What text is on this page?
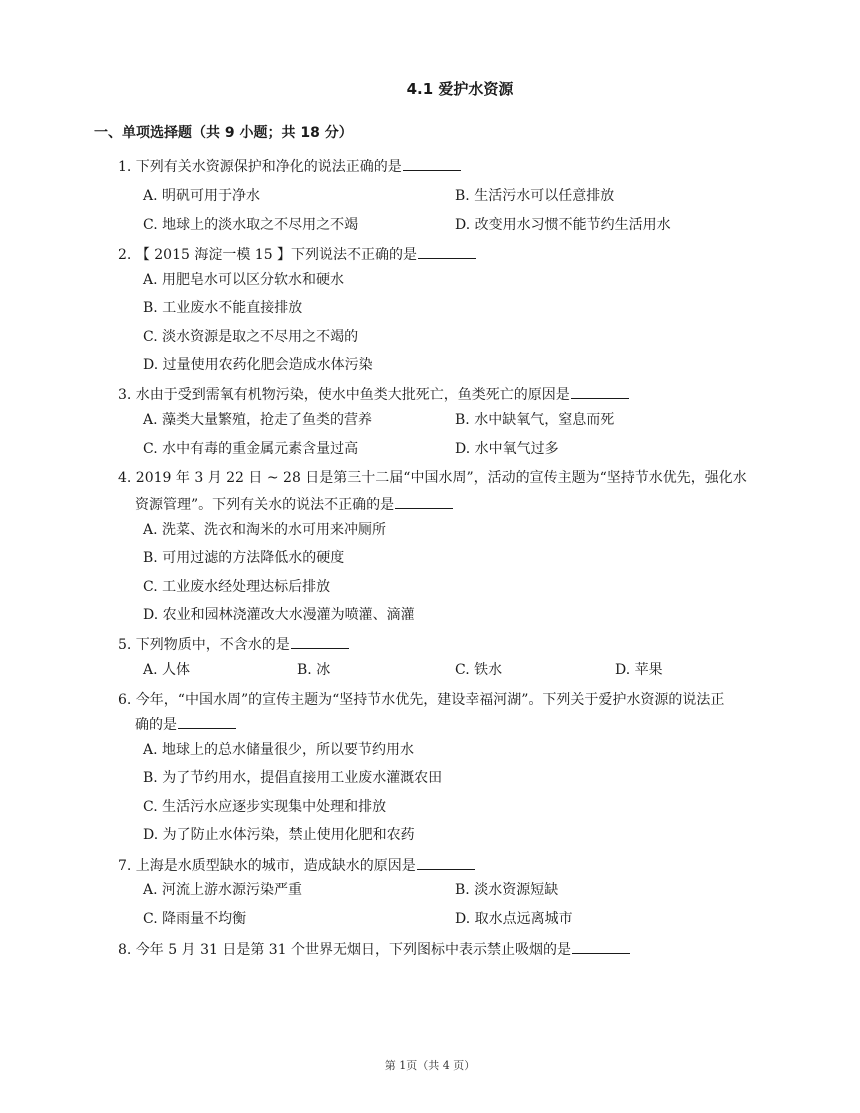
4.1 爱护水资源
一、单项选择题（共 9 小题；共 18 分）
1. 下列有关水资源保护和净化的说法正确的是
A. 明矾可用于净水	B. 生活污水可以任意排放
C. 地球上的淡水取之不尽用之不竭	D. 改变用水习惯不能节约生活用水
2. 【 2015 海淀一模 15 】下列说法不正确的是
A. 用肥皂水可以区分软水和硬水
B. 工业废水不能直接排放
C. 淡水资源是取之不尽用之不竭的
D. 过量使用农药化肥会造成水体污染
3. 水由于受到需氧有机物污染，使水中鱼类大批死亡，鱼类死亡的原因是
A. 藻类大量繁殖，抢走了鱼类的营养	B. 水中缺氧气，窒息而死
C. 水中有毒的重金属元素含量过高	D. 水中氧气过多
4. 2019 年 3 月 22 日 ~ 28 日是第三十二届“中国水周”，活动的宣传主题为“坚持节水优先，强化水
资源管理”。下列有关水的说法不正确的是
A. 洗菜、洗衣和淘米的水可用来冲厕所
B. 可用过滤的方法降低水的硬度
C. 工业废水经处理达标后排放
D. 农业和园林浇灌改大水漫灌为喷灌、滴灌
5. 下列物质中，不含水的是
A. 人体	B. 冰	C. 铁水	D. 苹果
6. 今年，“中国水周”的宣传主题为“坚持节水优先，建设幸福河湖”。下列关于爱护水资源的说法正
确的是
A. 地球上的总水储量很少，所以要节约用水
B. 为了节约用水，提倡直接用工业废水灌溉农田
C. 生活污水应逐步实现集中处理和排放
D. 为了防止水体污染，禁止使用化肥和农药
7. 上海是水质型缺水的城市，造成缺水的原因是
A. 河流上游水源污染严重	B. 淡水资源短缺
C. 降雨量不均衡	D. 取水点远离城市
8. 今年 5 月 31 日是第 31 个世界无烟日，下列图标中表示禁止吸烟的是
第 1页（共 4 页）
